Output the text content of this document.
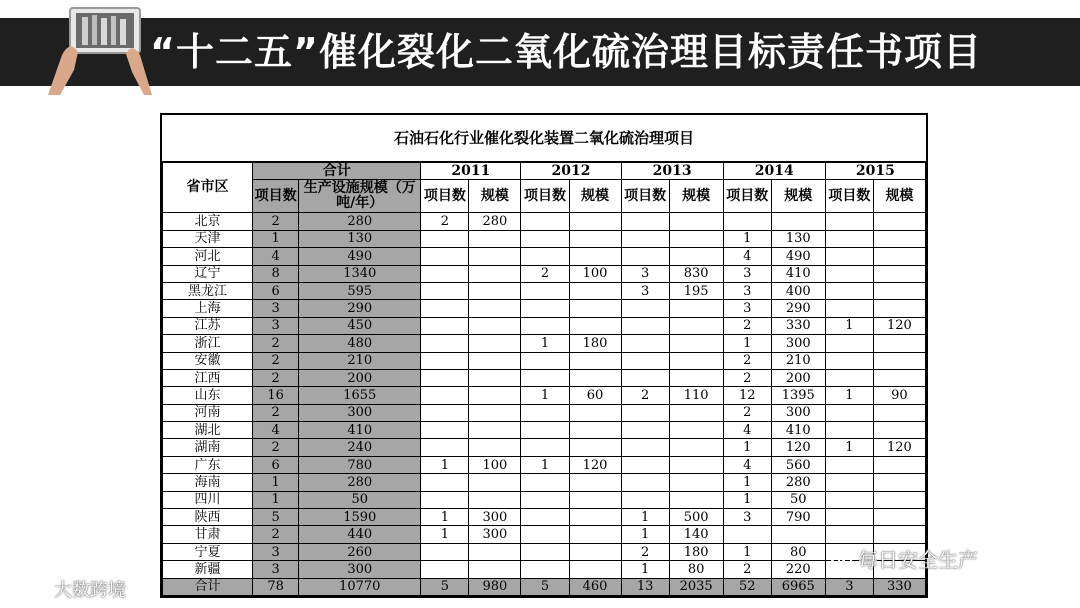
“十二五”催化裂化二氧化硫治理目标责任书项目
石油石化行业催化裂化装置二氧化硫治理项目
省市区	合计		2011		2012		2013		2014		2015	
	项目数	生产设施规模（万吨/年）	项目数	规模	项目数	规模	项目数	规模	项目数	规模	项目数	规模
北京	2	280	2	280								
天津	1	130							1	130		
河北	4	490							4	490		
辽宁	8	1340			2	100	3	830	3	410		
黑龙江	6	595					3	195	3	400		
上海	3	290							3	290		
江苏	3	450							2	330	1	120
浙江	2	480			1	180			1	300		
安徽	2	210							2	210		
江西	2	200							2	200		
山东	16	1655			1	60	2	110	12	1395	1	90
河南	2	300							2	300		
湖北	4	410							4	410		
湖南	2	240							1	120	1	120
广东	6	780	1	100	1	120			4	560		
海南	1	280							1	280		
四川	1	50							1	50		
陕西	5	1590	1	300			1	500	3	790		
甘肃	2	440	1	300			1	140				
宁夏	3	260					2	180	1	80		
新疆	3	300					1	80	2	220		
合计	78	10770	5	980	5	460	13	2035	52	6965	3	330
每日安全生产
大数跨境
